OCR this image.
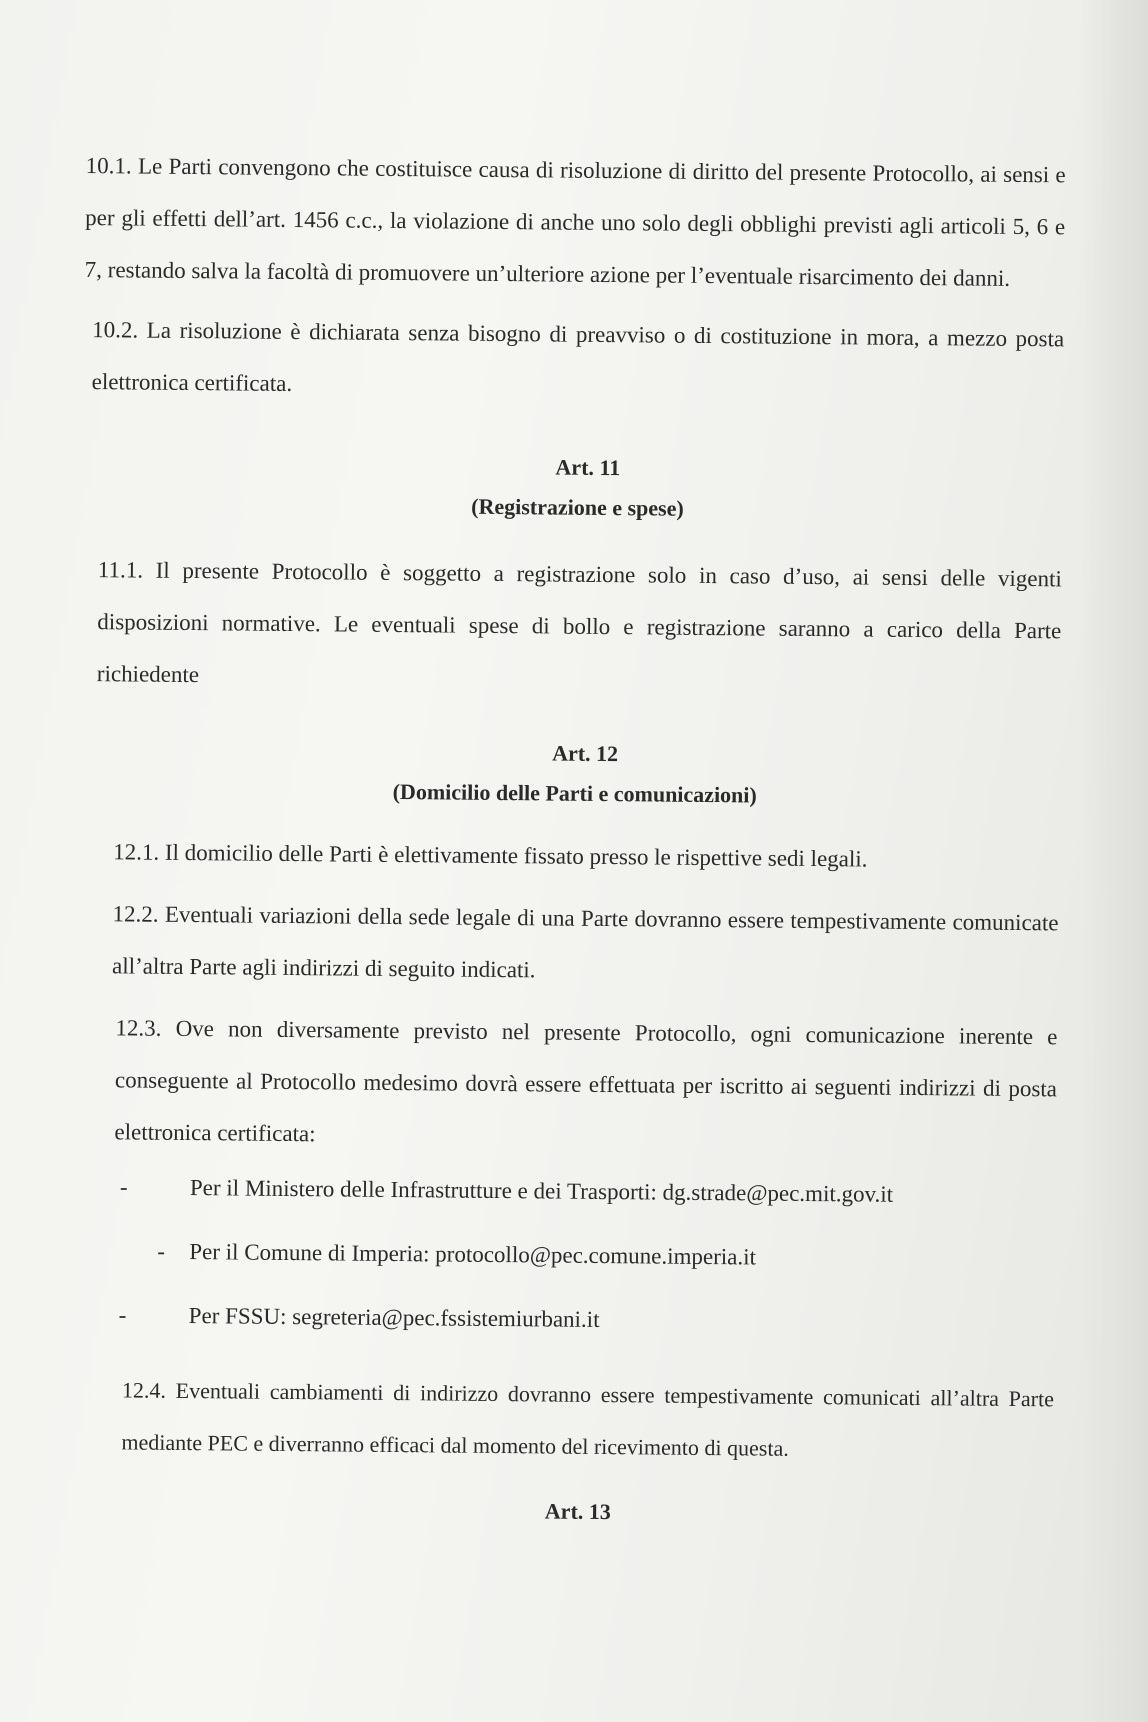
10.1. Le Parti convengono che costituisce causa di risoluzione di diritto del presente Protocollo, ai sensi e per gli effetti dell’art. 1456 c.c., la violazione di anche uno solo degli obblighi previsti agli articoli 5, 6 e 7, restando salva la facoltà di promuovere un’ulteriore azione per l’eventuale risarcimento dei danni.

10.2. La risoluzione è dichiarata senza bisogno di preavviso o di costituzione in mora, a mezzo posta elettronica certificata.

Art. 11
(Registrazione e spese)

11.1. Il presente Protocollo è soggetto a registrazione solo in caso d’uso, ai sensi delle vigenti disposizioni normative. Le eventuali spese di bollo e registrazione saranno a carico della Parte richiedente

Art. 12
(Domicilio delle Parti e comunicazioni)

12.1. Il domicilio delle Parti è elettivamente fissato presso le rispettive sedi legali.

12.2. Eventuali variazioni della sede legale di una Parte dovranno essere tempestivamente comunicate all’altra Parte agli indirizzi di seguito indicati.

12.3. Ove non diversamente previsto nel presente Protocollo, ogni comunicazione inerente e conseguente al Protocollo medesimo dovrà essere effettuata per iscritto ai seguenti indirizzi di posta elettronica certificata:

-	Per il Ministero delle Infrastrutture e dei Trasporti: dg.strade@pec.mit.gov.it
- Per il Comune di Imperia: protocollo@pec.comune.imperia.it
-	Per FSSU: segreteria@pec.fssistemiurbani.it

12.4. Eventuali cambiamenti di indirizzo dovranno essere tempestivamente comunicati all’altra Parte mediante PEC e diverranno efficaci dal momento del ricevimento di questa.

Art. 13
